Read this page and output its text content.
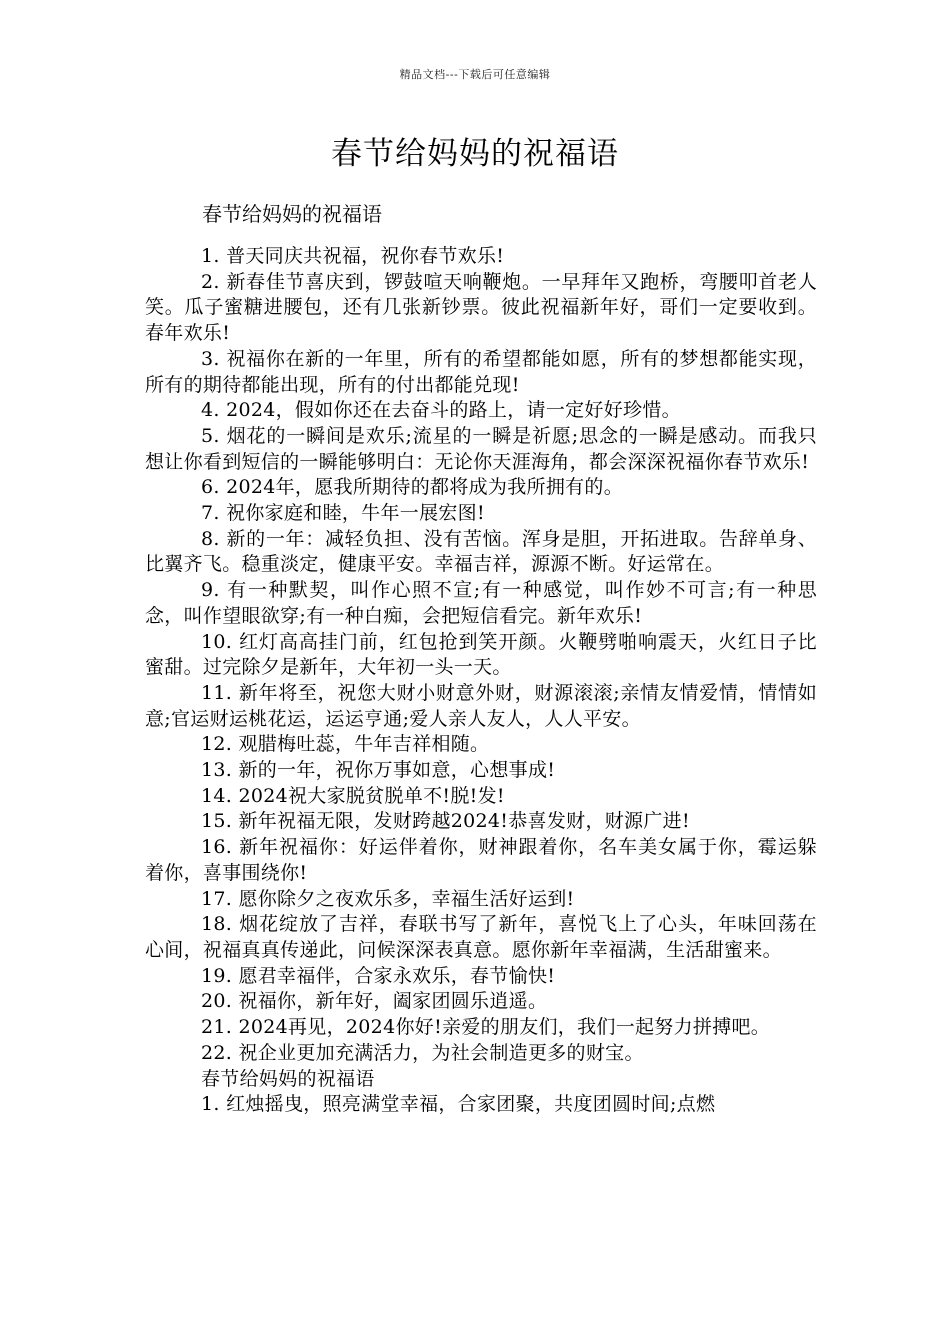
精品文档---下载后可任意编辑
春节给妈妈的祝福语
春节给妈妈的祝福语

1. 普天同庆共祝福，祝你春节欢乐!

2. 新春佳节喜庆到，锣鼓喧天响鞭炮。一早拜年又跑桥，弯腰叩首老人笑。瓜子蜜糖进腰包，还有几张新钞票。彼此祝福新年好，哥们一定要收到。春年欢乐!

3. 祝福你在新的一年里，所有的希望都能如愿，所有的梦想都能实现，所有的期待都能出现，所有的付出都能兑现!

4. 2024，假如你还在去奋斗的路上，请一定好好珍惜。

5. 烟花的一瞬间是欢乐;流星的一瞬是祈愿;思念的一瞬是感动。而我只想让你看到短信的一瞬能够明白：无论你天涯海角，都会深深祝福你春节欢乐!

6. 2024年，愿我所期待的都将成为我所拥有的。

7. 祝你家庭和睦，牛年一展宏图!

8. 新的一年：减轻负担、没有苦恼。浑身是胆，开拓进取。告辞单身、比翼齐飞。稳重淡定，健康平安。幸福吉祥，源源不断。好运常在。

9. 有一种默契，叫作心照不宣;有一种感觉，叫作妙不可言;有一种思念，叫作望眼欲穿;有一种白痴，会把短信看完。新年欢乐!

10. 红灯高高挂门前，红包抢到笑开颜。火鞭劈啪响震天，火红日子比蜜甜。过完除夕是新年，大年初一头一天。

11. 新年将至，祝您大财小财意外财，财源滚滚;亲情友情爱情，情情如意;官运财运桃花运，运运亨通;爱人亲人友人，人人平安。

12. 观腊梅吐蕊，牛年吉祥相随。

13. 新的一年，祝你万事如意，心想事成!

14. 2024祝大家脱贫脱单不!脱!发!

15. 新年祝福无限，发财跨越2024!恭喜发财，财源广进!

16. 新年祝福你：好运伴着你，财神跟着你，名车美女属于你，霉运躲着你，喜事围绕你!

17. 愿你除夕之夜欢乐多，幸福生活好运到!

18. 烟花绽放了吉祥，春联书写了新年，喜悦飞上了心头，年味回荡在心间，祝福真真传递此，问候深深表真意。愿你新年幸福满，生活甜蜜来。

19. 愿君幸福伴，合家永欢乐，春节愉快!

20. 祝福你，新年好，阖家团圆乐逍遥。

21. 2024再见，2024你好!亲爱的朋友们，我们一起努力拼搏吧。

22. 祝企业更加充满活力，为社会制造更多的财宝。

春节给妈妈的祝福语

1. 红烛摇曳，照亮满堂幸福，合家团聚，共度团圆时间;点燃
